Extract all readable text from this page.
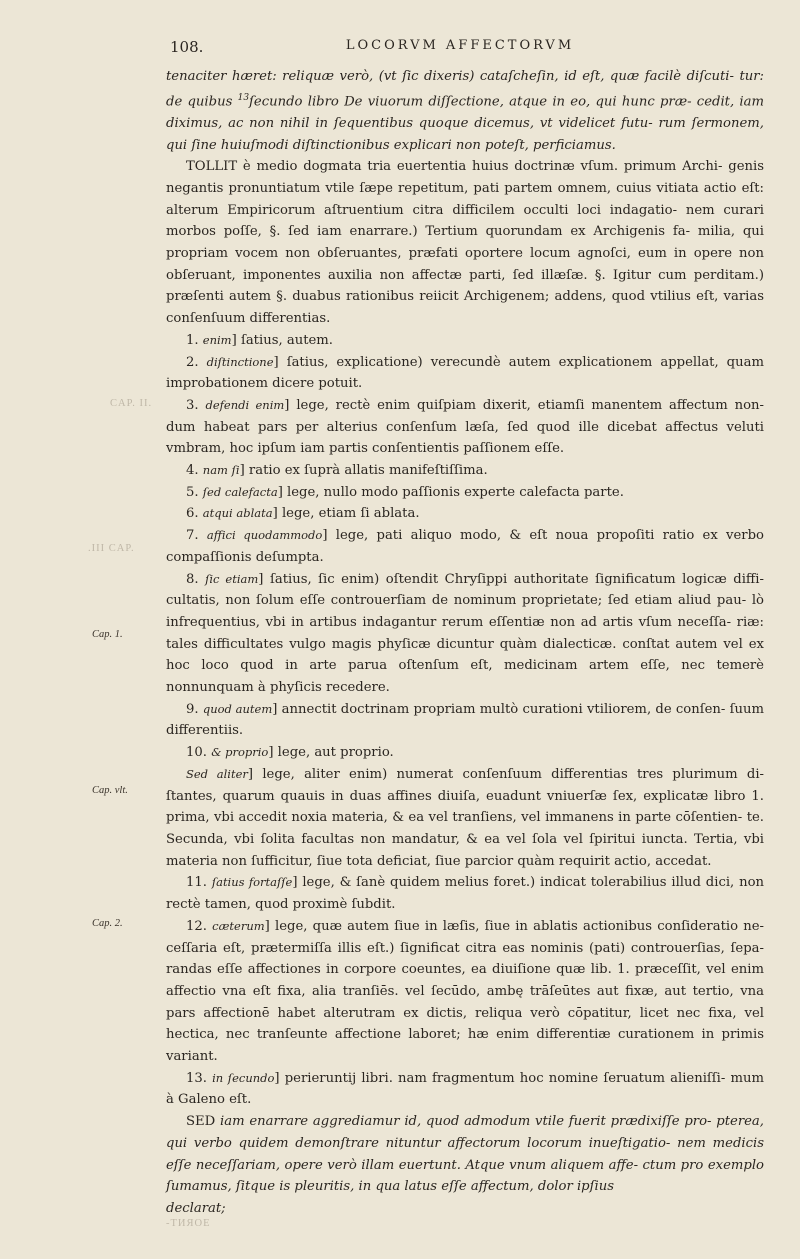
108.	LOCORVM AFFECTORVM
CAP. II.
.III CAP.
Cap. 1.
Cap. vlt.
Cap. 2.

tenaciter hæret: reliquæ verò, (vt ſic dixeris) cataſcheſin, id eſt, quæ facilè diſcuti- tur: de quibus $^{13}$ſecundo libro De viuorum diſſectione, atque in eo, qui hunc præ- cedit, iam diximus, ac non nihil in ſequentibus quoque dicemus, vt videlicet futu- rum ſermonem, qui ſine huiuſmodi diſtinctionibus explicari non poteſt, perficiamus.

TOLLIT è medio dogmata tria euertentia huius doctrinæ vſum. primum Archi- genis negantis pronuntiatum vtile ſæpe repetitum, pati partem omnem, cuius vitiata actio eſt: alterum Empiricorum aſtruentium citra difficilem occulti loci indagatio- nem curari morbos poſſe, §. ſed iam enarrare.) Tertium quorundam ex Archigenis fa- milia, qui propriam vocem non obſeruantes, præfati oportere locum agnoſci, eum in opere non obſeruant, imponentes auxilia non affectæ parti, ſed illæſæ. §. Igitur cum perditam.) præſenti autem §. duabus rationibus reiicit Archigenem; addens, quod vtilius eſt, varias conſenſuum differentias.

1. enim] ſatius, autem.

2. diſtinctione] ſatius, explicatione) verecundè autem explicationem appellat, quam improbationem dicere potuit.

3. defendi enim] lege, rectè enim quiſpiam dixerit, etiamſi manentem affectum non- dum habeat pars per alterius conſenſum læſa, ſed quod ille dicebat affectus veluti vmbram, hoc ipſum iam partis conſentientis paſſionem eſſe.

4. nam ſi] ratio ex ſuprà allatis manifeſtiſſima.

5. ſed calefacta] lege, nullo modo paſſionis experte calefacta parte.

6. atqui ablata] lege, etiam ſi ablata.

7. affici quodammodo] lege, pati aliquo modo, & eſt noua propoſiti ratio ex verbo compaſſionis deſumpta.

8. ſic etiam] ſatius, ſic enim) oſtendit Chryſippi authoritate ſignificatum logicæ diffi- cultatis, non ſolum eſſe controuerſiam de nominum proprietate; ſed etiam aliud pau- lò infrequentius, vbi in artibus indagantur rerum eſſentiæ non ad artis vſum neceſſa- riæ: tales difficultates vulgo magis phyſicæ dicuntur quàm dialecticæ. conſtat autem vel ex hoc loco quod in arte parua oſtenſum eſt, medicinam artem eſſe, nec temerè nonnunquam à phyſicis recedere.

9. quod autem] annectit doctrinam propriam multò curationi vtiliorem, de conſen- ſuum differentiis.

10. & proprio] lege, aut proprio.

Sed aliter] lege, aliter enim) numerat conſenſuum differentias tres plurimum di- ſtantes, quarum quauis in duas affines diuiſa, euadunt vniuerſæ ſex, explicatæ libro 1. prima, vbi accedit noxia materia, & ea vel tranſiens, vel immanens in parte cōſentien- te. Secunda, vbi ſolita facultas non mandatur, & ea vel ſola vel ſpiritui iuncta. Tertia, vbi materia non ſufficitur, ſiue tota deficiat, ſiue parcior quàm requirit actio, accedat.

11. ſatius fortaſſe] lege, & ſanè quidem melius foret.) indicat tolerabilius illud dici, non rectè tamen, quod proximè ſubdit.

12. cæterum] lege, quæ autem ſiue in læſis, ſiue in ablatis actionibus conſideratio ne- ceſſaria eſt, prætermiſſa illis eſt.) ſignificat citra eas nominis (pati) controuerſias, ſepa- randas eſſe affectiones in corpore coeuntes, ea diuiſione quæ lib. 1. præceſſit, vel enim affectio vna eſt fixa, alia tranſiēs. vel ſecūdo, ambę trāſeūtes aut fixæ, aut tertio, vna pars affectionē habet alterutram ex dictis, reliqua verò cōpatitur, licet nec fixa, vel hectica, nec tranſeunte affectione laboret; hæ enim differentiæ curationem in primis variant.

13. in ſecundo] perieruntij libri. nam fragmentum hoc nomine ſeruatum alieniſſi- mum à Galeno eſt.

SED iam enarrare aggrediamur id, quod admodum vtile fuerit prædixiſſe pro- pterea, qui verbo quidem demonſtrare nituntur affectorum locorum inueſtigatio- nem medicis eſſe neceſſariam, opere verò illam euertunt. Atque vnum aliquem affe- ctum pro exemplo ſumamus, ſitque is pleuritis, in qua latus eſſe affectum, dolor ipſius

declarat;

-ТИЯОЕ
